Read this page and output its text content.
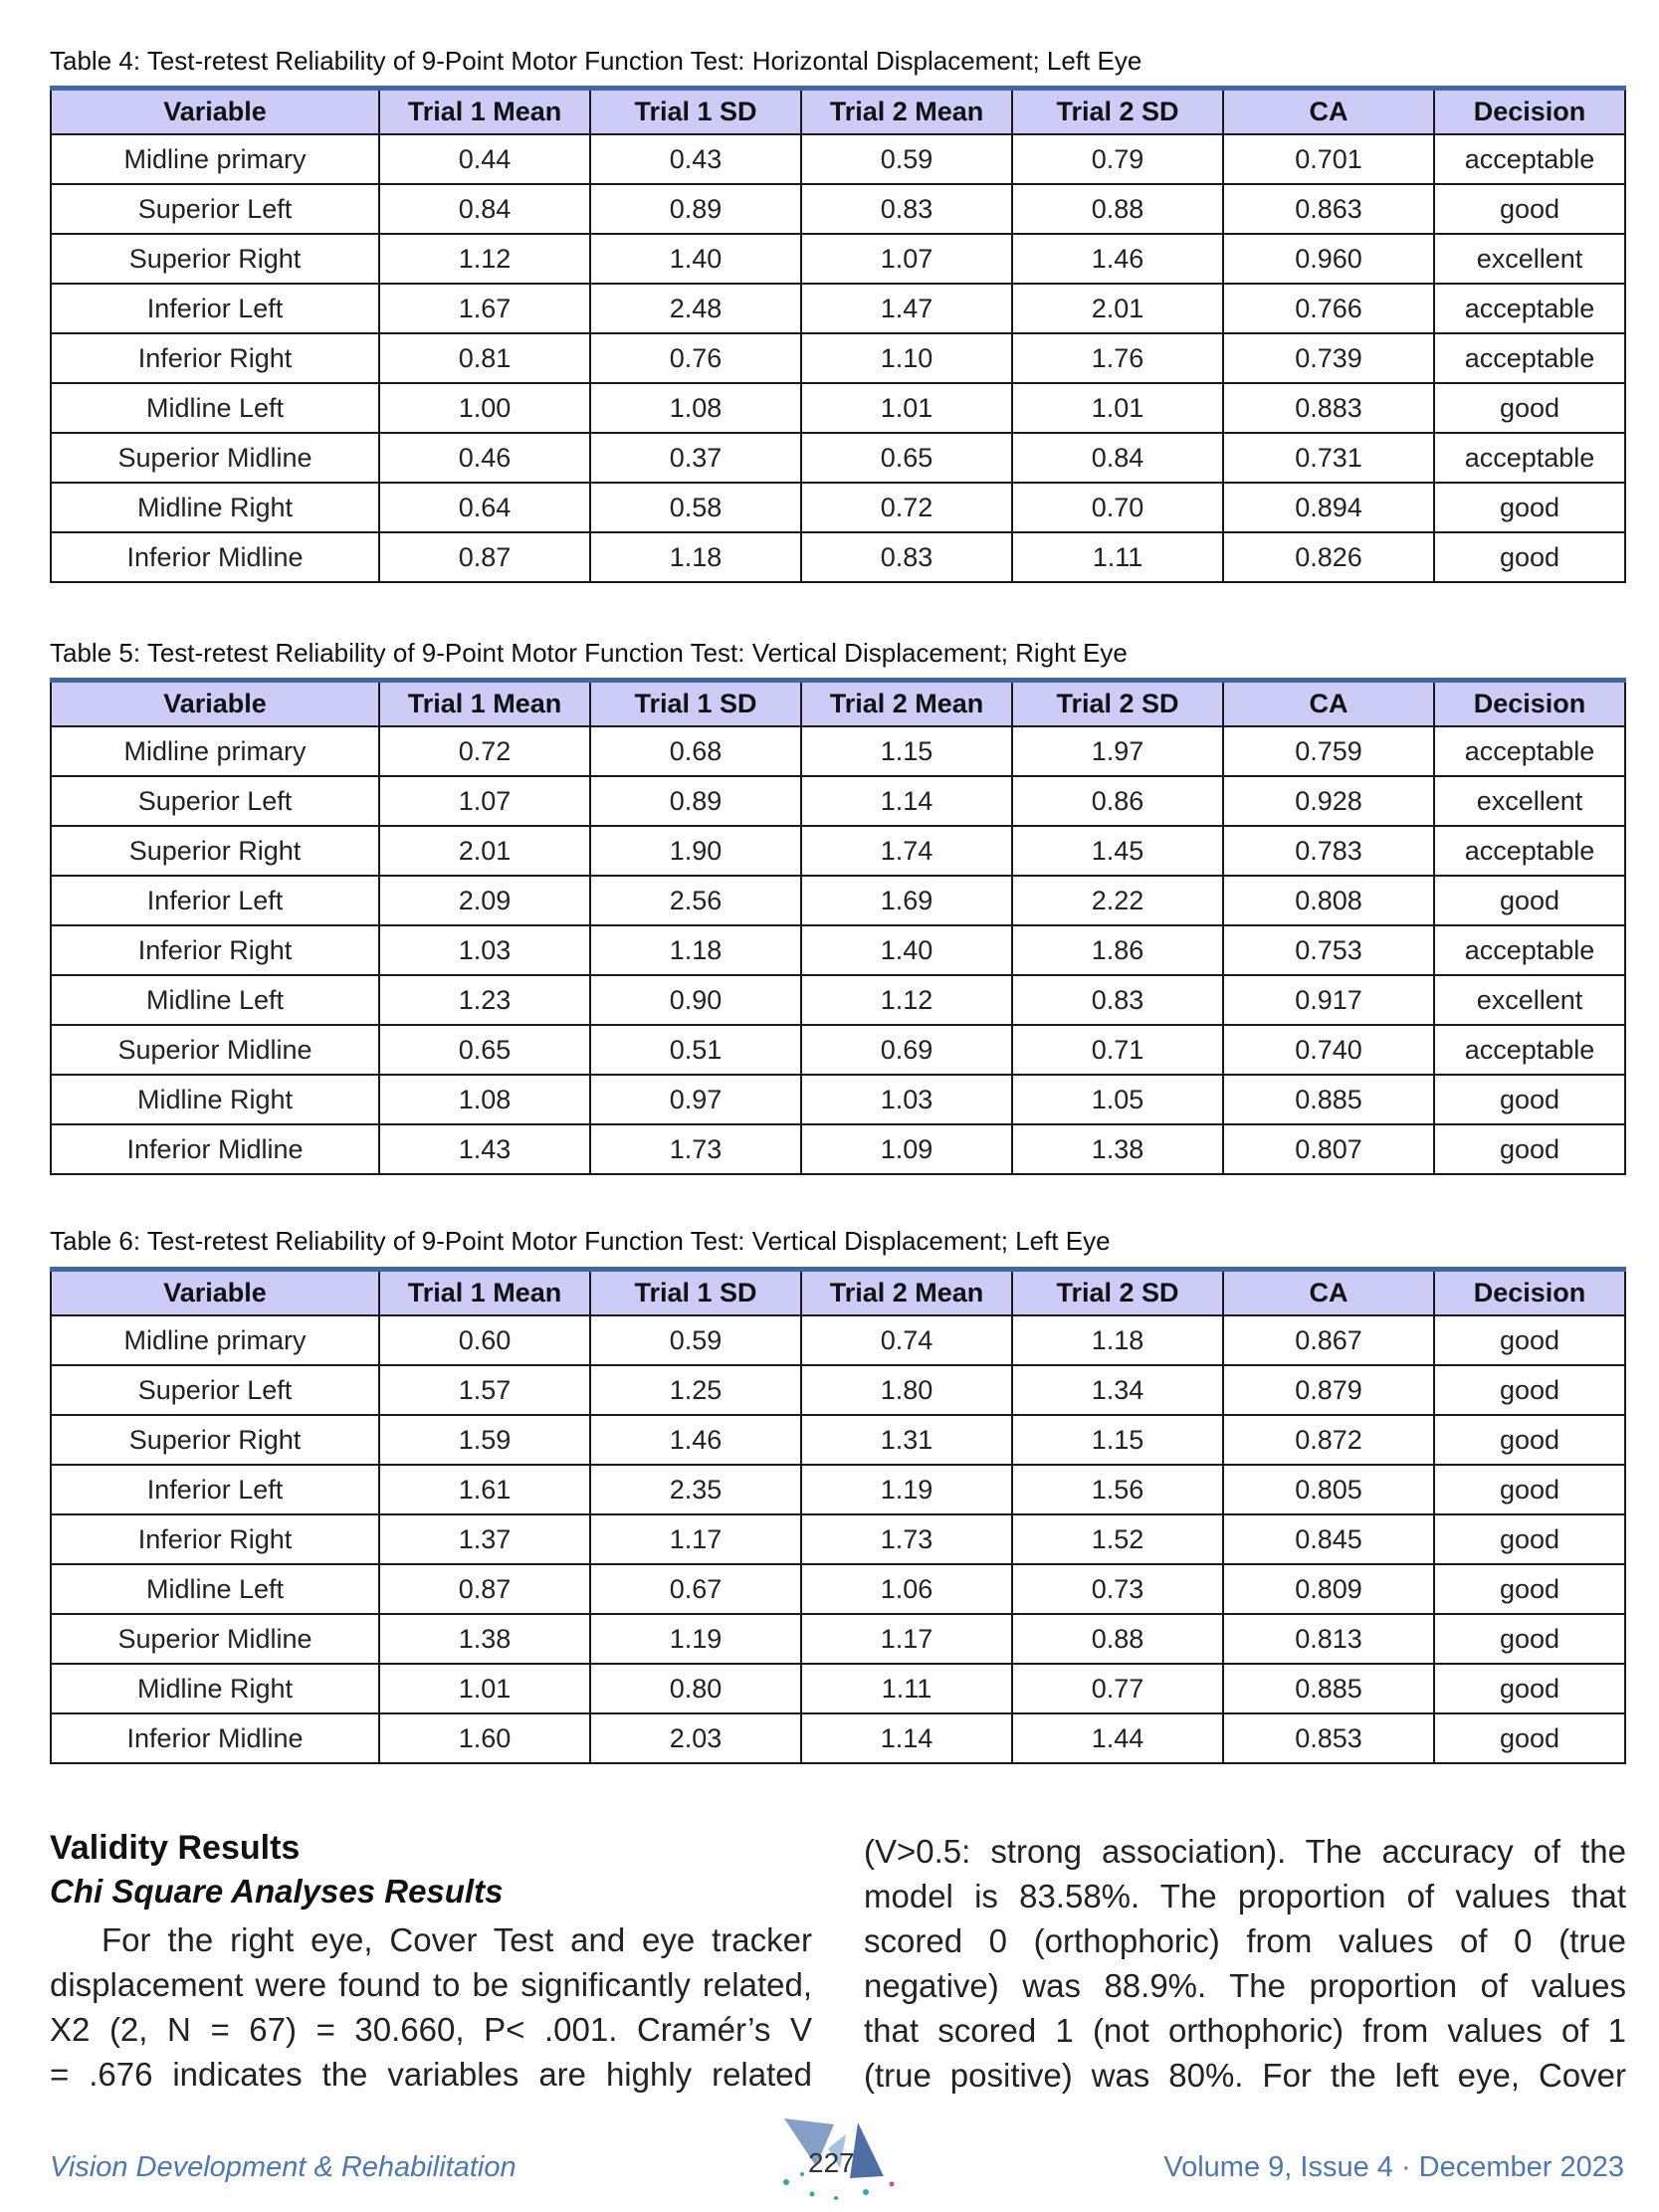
Table 4: Test-retest Reliability of 9-Point Motor Function Test: Horizontal Displacement; Left Eye
Variable	Trial 1 Mean	Trial 1 SD	Trial 2 Mean	Trial 2 SD	CA	Decision
Midline primary	0.44	0.43	0.59	0.79	0.701	acceptable
Superior Left	0.84	0.89	0.83	0.88	0.863	good
Superior Right	1.12	1.40	1.07	1.46	0.960	excellent
Inferior Left	1.67	2.48	1.47	2.01	0.766	acceptable
Inferior Right	0.81	0.76	1.10	1.76	0.739	acceptable
Midline Left	1.00	1.08	1.01	1.01	0.883	good
Superior Midline	0.46	0.37	0.65	0.84	0.731	acceptable
Midline Right	0.64	0.58	0.72	0.70	0.894	good
Inferior Midline	0.87	1.18	0.83	1.11	0.826	good
Table 5: Test-retest Reliability of 9-Point Motor Function Test: Vertical Displacement; Right Eye
Variable	Trial 1 Mean	Trial 1 SD	Trial 2 Mean	Trial 2 SD	CA	Decision
Midline primary	0.72	0.68	1.15	1.97	0.759	acceptable
Superior Left	1.07	0.89	1.14	0.86	0.928	excellent
Superior Right	2.01	1.90	1.74	1.45	0.783	acceptable
Inferior Left	2.09	2.56	1.69	2.22	0.808	good
Inferior Right	1.03	1.18	1.40	1.86	0.753	acceptable
Midline Left	1.23	0.90	1.12	0.83	0.917	excellent
Superior Midline	0.65	0.51	0.69	0.71	0.740	acceptable
Midline Right	1.08	0.97	1.03	1.05	0.885	good
Inferior Midline	1.43	1.73	1.09	1.38	0.807	good
Table 6: Test-retest Reliability of 9-Point Motor Function Test: Vertical Displacement; Left Eye
Variable	Trial 1 Mean	Trial 1 SD	Trial 2 Mean	Trial 2 SD	CA	Decision
Midline primary	0.60	0.59	0.74	1.18	0.867	good
Superior Left	1.57	1.25	1.80	1.34	0.879	good
Superior Right	1.59	1.46	1.31	1.15	0.872	good
Inferior Left	1.61	2.35	1.19	1.56	0.805	good
Inferior Right	1.37	1.17	1.73	1.52	0.845	good
Midline Left	0.87	0.67	1.06	0.73	0.809	good
Superior Midline	1.38	1.19	1.17	0.88	0.813	good
Midline Right	1.01	0.80	1.11	0.77	0.885	good
Inferior Midline	1.60	2.03	1.14	1.44	0.853	good
Validity Results
Chi Square Analyses Results
For the right eye, Cover Test and eye tracker
displacement were found to be significantly related,
X2 (2, N = 67) = 30.660, P< .001. Cramér’s V
= .676 indicates the variables are highly related
(V>0.5: strong association). The accuracy of the
model is 83.58%. The proportion of values that
scored 0 (orthophoric) from values of 0 (true
negative) was 88.9%. The proportion of values
that scored 1 (not orthophoric) from values of 1
(true positive) was 80%. For the left eye, Cover
Vision Development & Rehabilitation	227	Volume 9, Issue 4 · December 2023
